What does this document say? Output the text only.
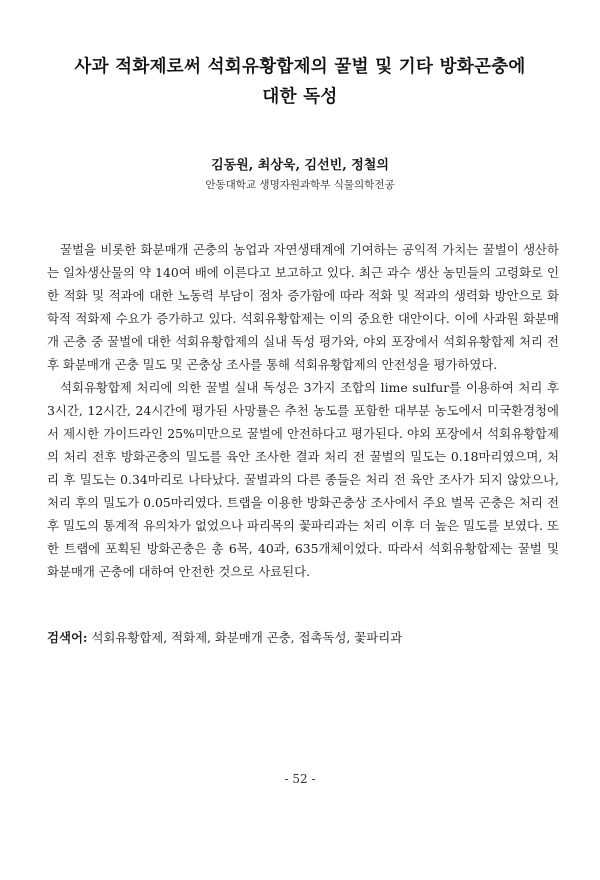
사과 적화제로써 석회유황합제의 꿀벌 및 기타 방화곤충에
대한 독성
김동원, 최상욱, 김선빈, 정철의
안동대학교 생명자원과학부 식물의학전공

꿀벌을 비롯한 화분매개 곤충의 농업과 자연생태계에 기여하는 공익적 가치는 꿀벌이 생산하는 일차생산물의 약 140여 배에 이른다고 보고하고 있다. 최근 과수 생산 농민들의 고령화로 인한 적화 및 적과에 대한 노동력 부담이 점차 증가함에 따라 적화 및 적과의 생력화 방안으로 화학적 적화제 수요가 증가하고 있다. 석회유황합제는 이의 중요한 대안이다. 이에 사과원 화분매개 곤충 중 꿀벌에 대한 석회유황합제의 실내 독성 평가와, 야외 포장에서 석회유황합제 처리 전후 화분매개 곤충 밀도 및 곤충상 조사를 통해 석회유황합제의 안전성을 평가하였다.

석회유황합제 처리에 의한 꿀벌 실내 독성은 3가지 조합의 lime sulfur를 이용하여 처리 후 3시간, 12시간, 24시간에 평가된 사망률은 추천 농도를 포함한 대부분 농도에서 미국환경청에서 제시한 가이드라인 25%미만으로 꿀벌에 안전하다고 평가된다. 야외 포장에서 석회유황합제의 처리 전후 방화곤충의 밀도를 육안 조사한 결과 처리 전 꿀벌의 밀도는 0.18마리였으며, 처리 후 밀도는 0.34마리로 나타났다. 꿀벌과의 다른 종들은 처리 전 육안 조사가 되지 않았으나, 처리 후의 밀도가 0.05마리였다. 트랩을 이용한 방화곤충상 조사에서 주요 벌목 곤충은 처리 전후 밀도의 통계적 유의차가 없었으나 파리목의 꽃파리과는 처리 이후 더 높은 밀도를 보였다. 또한 트랩에 포획된 방화곤충은 총 6목, 40과, 635개체이었다. 따라서 석회유황합제는 꿀벌 및 화분매개 곤충에 대하여 안전한 것으로 사료된다.

검색어: 석회유황합제, 적화제, 화분매개 곤충, 접촉독성, 꽃파리과
- 52 -
